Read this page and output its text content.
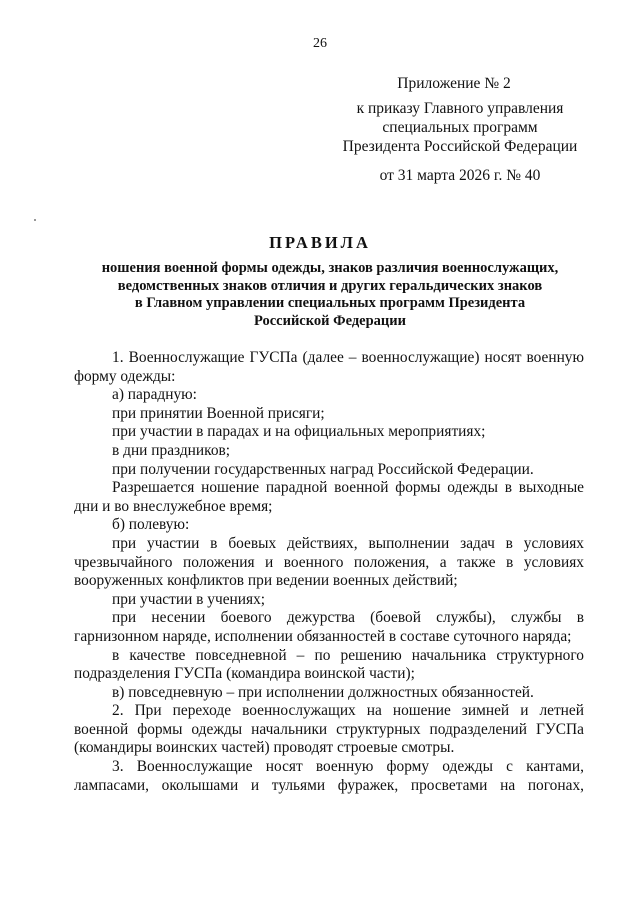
26
Приложение № 2
к приказу Главного управления
специальных программ
Президента Российской Федерации
от 31 марта 2026 г. № 40
ПРАВИЛА
ношения военной формы одежды, знаков различия военнослужащих,
ведомственных знаков отличия и других геральдических знаков
в Главном управлении специальных программ Президента
Российской Федерации

1. Военнослужащие ГУСПа (далее – военнослужащие) носят военную форму одежды:

а) парадную:

при принятии Военной присяги;

при участии в парадах и на официальных мероприятиях;

в дни праздников;

при получении государственных наград Российской Федерации.

Разрешается ношение парадной военной формы одежды в выходные дни и во внеслужебное время;

б) полевую:

при участии в боевых действиях, выполнении задач в условиях чрезвычайного положения и военного положения, а также в условиях вооруженных конфликтов при ведении военных действий;

при участии в учениях;

при несении боевого дежурства (боевой службы), службы в гарнизонном наряде, исполнении обязанностей в составе суточного наряда;

в качестве повседневной – по решению начальника структурного подразделения ГУСПа (командира воинской части);

в) повседневную – при исполнении должностных обязанностей.

2. При переходе военнослужащих на ношение зимней и летней военной формы одежды начальники структурных подразделений ГУСПа (командиры воинских частей) проводят строевые смотры.

3. Военнослужащие носят военную форму одежды с кантами, лампасами, околышами и тульями фуражек, просветами на погонах,
